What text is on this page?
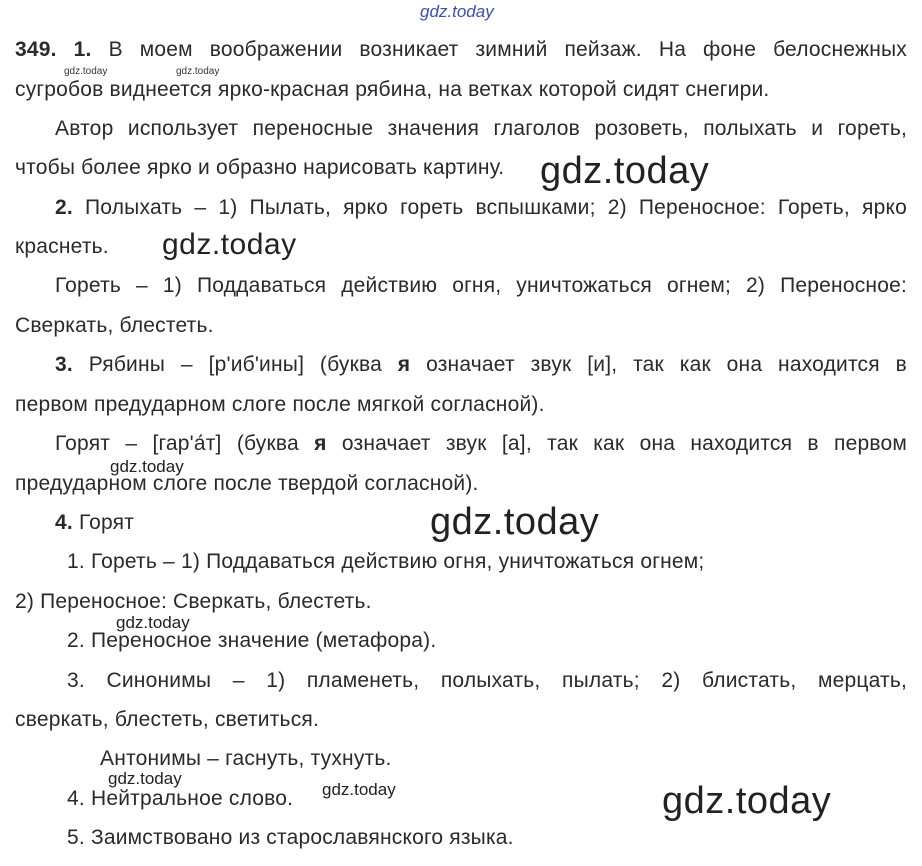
gdz.today
gdz.today	gdz.today
gdz.today
gdz.today
gdz.today
gdz.today
gdz.today
gdz.today
gdz.today	gdz.today
349. 1. В моем воображении возникает зимний пейзаж. На фоне белоснежных
сугробов виднеется ярко-красная рябина, на ветках которой сидят снегири.
Автор использует переносные значения глаголов розоветь, полыхать и гореть,
чтобы более ярко и образно нарисовать картину.
2. Полыхать – 1) Пылать, ярко гореть вспышками; 2) Переносное: Гореть, ярко
краснеть.
Гореть – 1) Поддаваться действию огня, уничтожаться огнем; 2) Переносное:
Сверкать, блестеть.
3. Рябины – [р'иб'ины] (буква я означает звук [и], так как она находится в
первом предударном слоге после мягкой согласной).
Горят – [гар'а́т] (буква я означает звук [а], так как она находится в первом
предударном слоге после твердой согласной).
4. Горят
1. Гореть – 1) Поддаваться действию огня, уничтожаться огнем;
2) Переносное: Сверкать, блестеть.
2. Переносное значение (метафора).
3. Синонимы – 1) пламенеть, полыхать, пылать; 2) блистать, мерцать,
сверкать, блестеть, светиться.
Антонимы – гаснуть, тухнуть.
4. Нейтральное слово.
5. Заимствовано из старославянского языка.
